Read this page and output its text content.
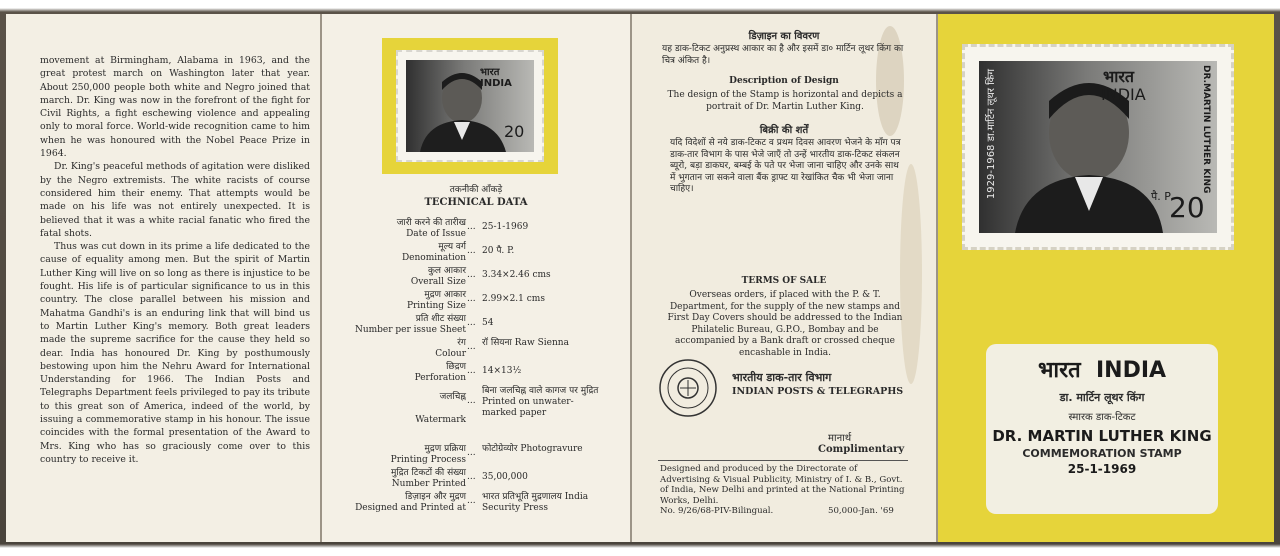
movement at Birmingham, Alabama in 1963, and the great protest march on Washington later that year. About 250,000 people both white and Negro joined that march. Dr. King was now in the forefront of the fight for Civil Rights, a fight eschewing violence and appealing only to moral force. World-wide recognition came to him when he was honoured with the Nobel Peace Prize in 1964.

Dr. King's peaceful methods of agitation were disliked by the Negro extremists. The white racists of course considered him their enemy. That attempts would be made on his life was not entirely unexpected. It is believed that it was a white racial fanatic who fired the fatal shots.

Thus was cut down in its prime a life dedicated to the cause of equality among men. But the spirit of Martin Luther King will live on so long as there is injustice to be fought. His life is of particular significance to us in this country. The close parallel between his mission and Mahatma Gandhi's is an enduring link that will bind us to Martin Luther King's memory. Both great leaders made the supreme sacrifice for the cause they held so dear. India has honoured Dr. King by posthumously bestowing upon him the Nehru Award for International Understanding for 1966. The Indian Posts and Telegraphs Department feels privileged to pay its tribute to this great son of America, indeed of the world, by issuing a commemorative stamp in his honour. The issue coincides with the formal presentation of the Award to Mrs. King who has so graciously come over to this country to receive it.

भारत INDIA
20
तकनीकी आँकड़े
TECHNICAL DATA
जारी करने की तारीख
Date of Issue
... 25-1-1969
मूल्य वर्ग
Denomination
... 20 पै. P.
कुल आकार
Overall Size
... 3.34×2.46 cms
मुद्रण आकार
Printing Size
... 2.99×2.1 cms
प्रति शीट संख्या
Number per issue Sheet
... 54
रंग
Colour
... रॉ सियना Raw Sienna
छिद्रण
Perforation
... 14×13½
जलचिह्न
Watermark
...
बिना जलचिह्न वाले कागज पर मुद्रित Printed on unwater-marked paper
मुद्रण प्रक्रिया
Printing Process
... फोटोग्रेव्योर Photogravure
मुद्रित टिकटों की संख्या
Number Printed
... 35,00,000
डिज़ाइन और मुद्रण
Designed and Printed at
... भारत प्रतिभूति मुद्रणालय India Security Press
डिज़ाइन का विवरण
यह डाक-टिकट अनुप्रस्थ आकार का है और इसमें डा० मार्टिन लूथर किंग का चित्र अंकित है।
Description of Design
The design of the Stamp is horizontal and depicts a portrait of Dr. Martin Luther King.
बिक्री की शर्तें
यदि विदेशों से नये डाक-टिकट व प्रथम दिवस आवरण भेजने के माँग पत्र डाक-तार विभाग के पास भेजे जाएँ तो उन्हें भारतीय डाक-टिकट संकलन ब्यूरो, बड़ा डाकघर, बम्बई के पते पर भेजा जाना चाहिए और उनके साथ में भुगतान जा सकने वाला बैंक ड्राफ्ट या रेखांकित चैक भी भेजा जाना चाहिए।
TERMS OF SALE
Overseas orders, if placed with the P. & T. Department, for the supply of the new stamps and First Day Covers should be addressed to the Indian Philatelic Bureau, G.P.O., Bombay and be accompanied by a Bank draft or crossed cheque encashable in India.
भारतीय डाक-तार विभाग
INDIAN POSTS & TELEGRAPHS
मानार्थ
Complimentary
Designed and produced by the Directorate of Advertising & Visual Publicity, Ministry of I. & B., Govt. of India, New Delhi and printed at the National Printing Works, Delhi.
No. 9/26/68-PIV-Bilingual.	50,000-Jan. '69
भारत
INDIA
1929-1968 डा.मार्टिन लूथर किंग	DR.MARTIN LUTHER KING
पै. P
20
भारत INDIA
डा. मार्टिन लूथर किंग
स्मारक डाक-टिकट
DR. MARTIN LUTHER KING
COMMEMORATION STAMP
25-1-1969
